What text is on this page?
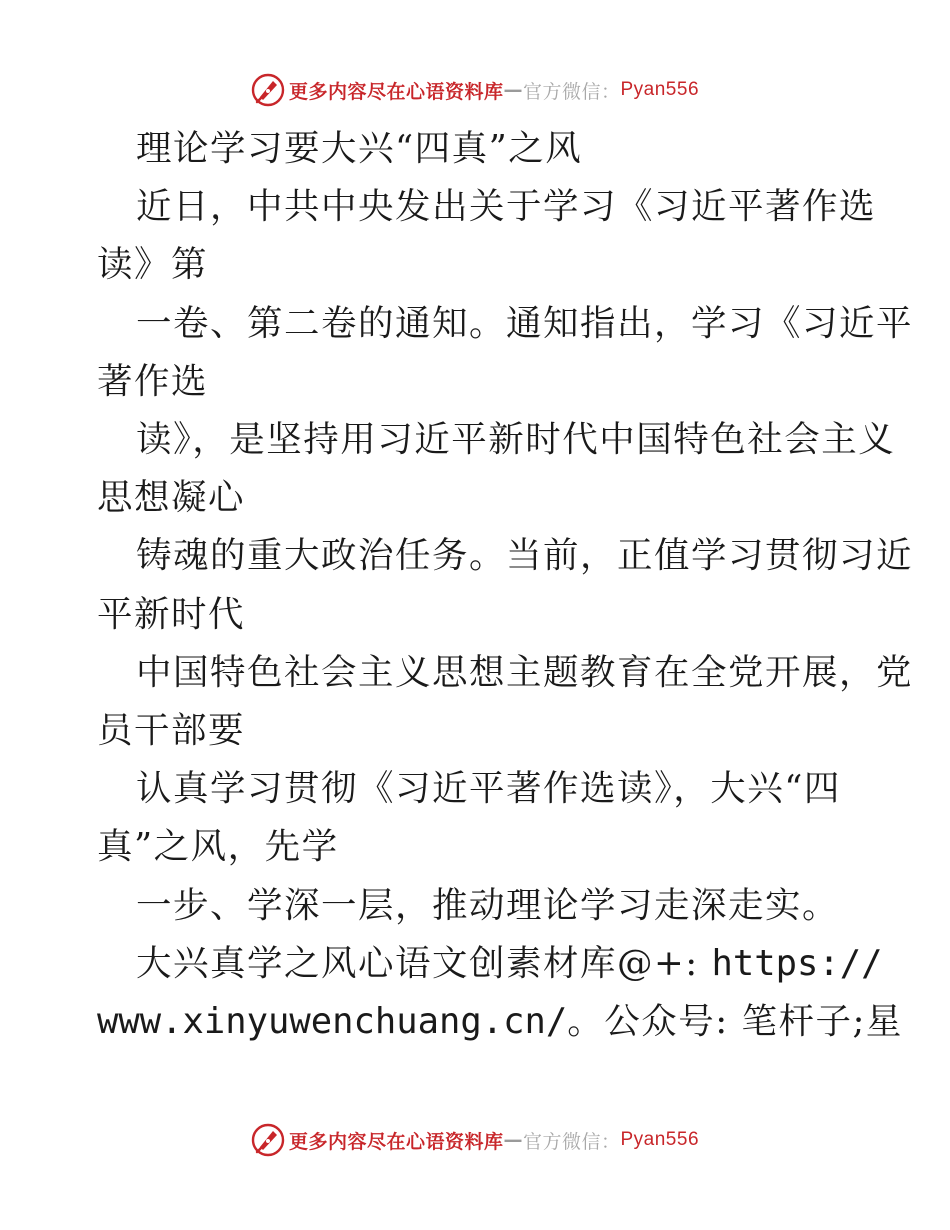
更多内容尽在心语资料库 — 官方微信： Pyan556

理论学习要大兴“四真”之风

近日，中共中央发出关于学习《习近平著作选
读》第

一卷、第二卷的通知。通知指出，学习《习近平
著作选

读》，是坚持用习近平新时代中国特色社会主义
思想凝心

铸魂的重大政治任务。当前，正值学习贯彻习近
平新时代

中国特色社会主义思想主题教育在全党开展，党
员干部要

认真学习贯彻《习近平著作选读》，大兴“四
真”之风，先学

一步、学深一层，推动理论学习走深走实。

大兴真学之风心语文创素材库@+: https://

www.xinyuwenchuang.cn/。公众号: 笔杆子;星

更多内容尽在心语资料库 — 官方微信： Pyan556
